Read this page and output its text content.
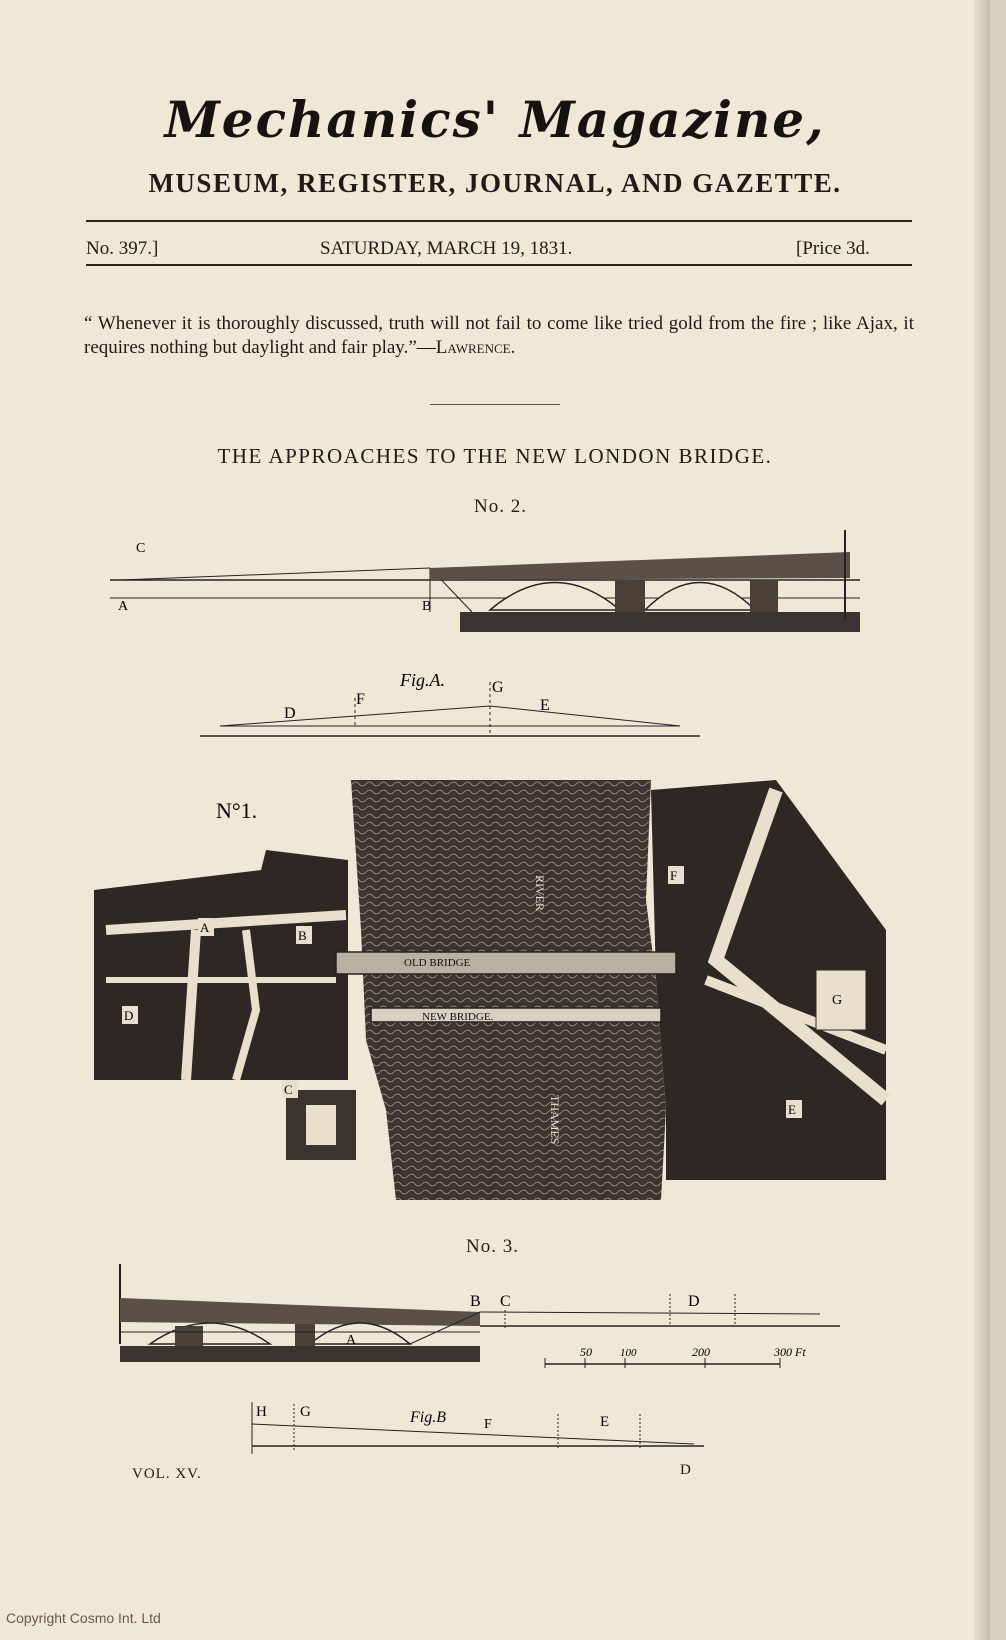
Mechanics' Magazine,
MUSEUM, REGISTER, JOURNAL, AND GAZETTE.
No. 397.]	SATURDAY, MARCH 19, 1831.	[Price 3d.
“ Whenever it is thoroughly discussed, truth will not fail to come like tried gold from the fire ; like Ajax, it requires nothing but daylight and fair play.”—Lawrence.
THE APPROACHES TO THE NEW LONDON BRIDGE.
No. 2.
C
A	B
Fig.A.
D
F
G
E
N°1.
OLD BRIDGE
NEW BRIDGE.
RIVER
THAMES
A
B
C
D
E
F
G
No. 3.
A
B C	D
50	100	200	300 Ft
Fig.B
H G
F	E
VOL. XV.	D
Copyright Cosmo Int. Ltd
